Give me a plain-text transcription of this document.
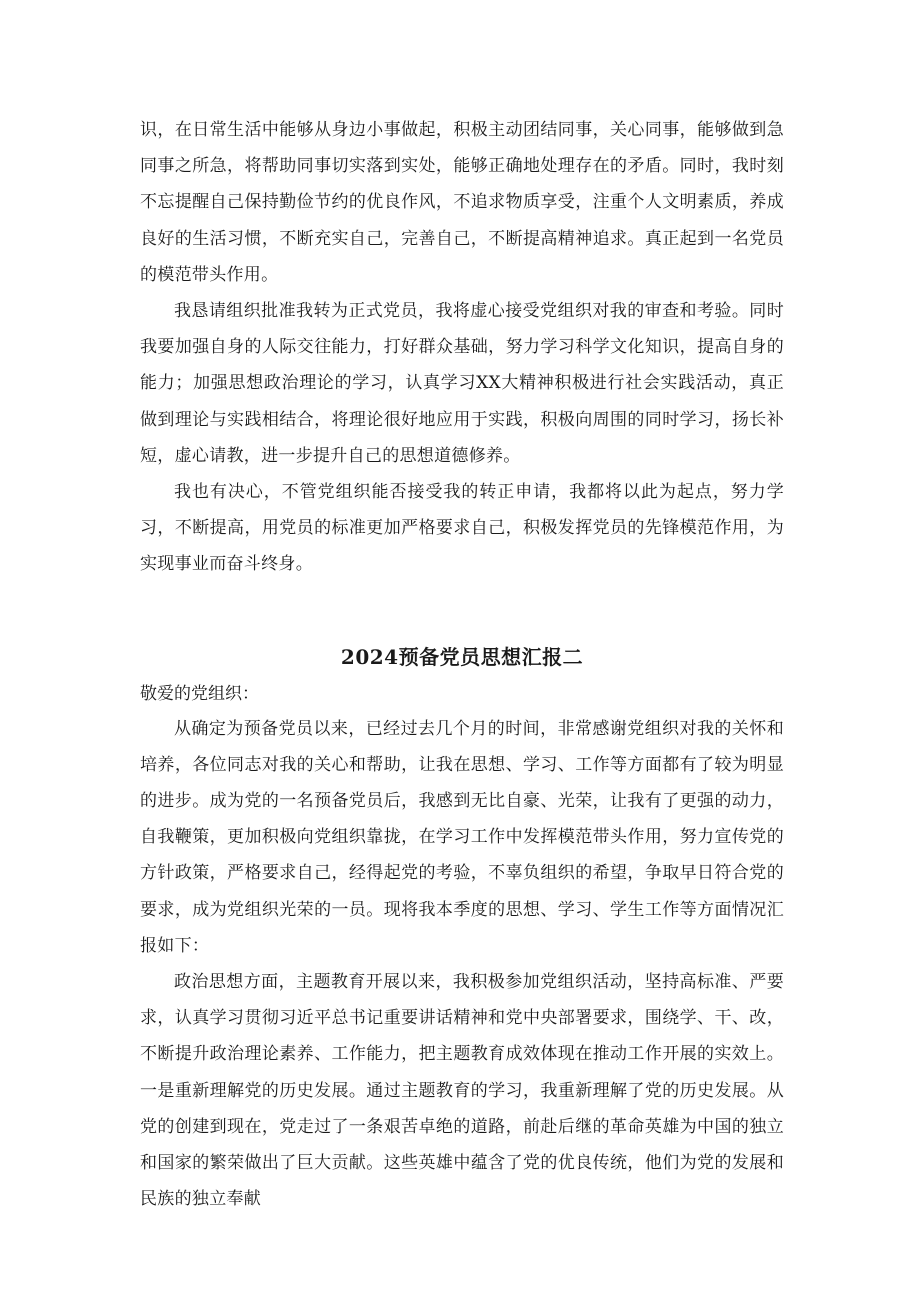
识，在日常生活中能够从身边小事做起，积极主动团结同事，关心同事，能够做到急同事之所急，将帮助同事切实落到实处，能够正确地处理存在的矛盾。同时，我时刻不忘提醒自己保持勤俭节约的优良作风，不追求物质享受，注重个人文明素质，养成良好的生活习惯，不断充实自己，完善自己，不断提高精神追求。真正起到一名党员的模范带头作用。

我恳请组织批准我转为正式党员，我将虚心接受党组织对我的审查和考验。同时我要加强自身的人际交往能力，打好群众基础，努力学习科学文化知识，提高自身的能力；加强思想政治理论的学习，认真学习XX大精神积极进行社会实践活动，真正做到理论与实践相结合，将理论很好地应用于实践，积极向周围的同时学习，扬长补短，虚心请教，进一步提升自己的思想道德修养。

我也有决心，不管党组织能否接受我的转正申请，我都将以此为起点，努力学习，不断提高，用党员的标准更加严格要求自己，积极发挥党员的先锋模范作用，为实现事业而奋斗终身。

2024预备党员思想汇报二

敬爱的党组织：

从确定为预备党员以来，已经过去几个月的时间，非常感谢党组织对我的关怀和培养，各位同志对我的关心和帮助，让我在思想、学习、工作等方面都有了较为明显的进步。成为党的一名预备党员后，我感到无比自豪、光荣，让我有了更强的动力，自我鞭策，更加积极向党组织靠拢，在学习工作中发挥模范带头作用，努力宣传党的方针政策，严格要求自己，经得起党的考验，不辜负组织的希望，争取早日符合党的要求，成为党组织光荣的一员。现将我本季度的思想、学习、学生工作等方面情况汇报如下：

政治思想方面，主题教育开展以来，我积极参加党组织活动，坚持高标准、严要求，认真学习贯彻习近平总书记重要讲话精神和党中央部署要求，围绕学、干、改，不断提升政治理论素养、工作能力，把主题教育成效体现在推动工作开展的实效上。一是重新理解党的历史发展。通过主题教育的学习，我重新理解了党的历史发展。从党的创建到现在，党走过了一条艰苦卓绝的道路，前赴后继的革命英雄为中国的独立和国家的繁荣做出了巨大贡献。这些英雄中蕴含了党的优良传统，他们为党的发展和民族的独立奉献
